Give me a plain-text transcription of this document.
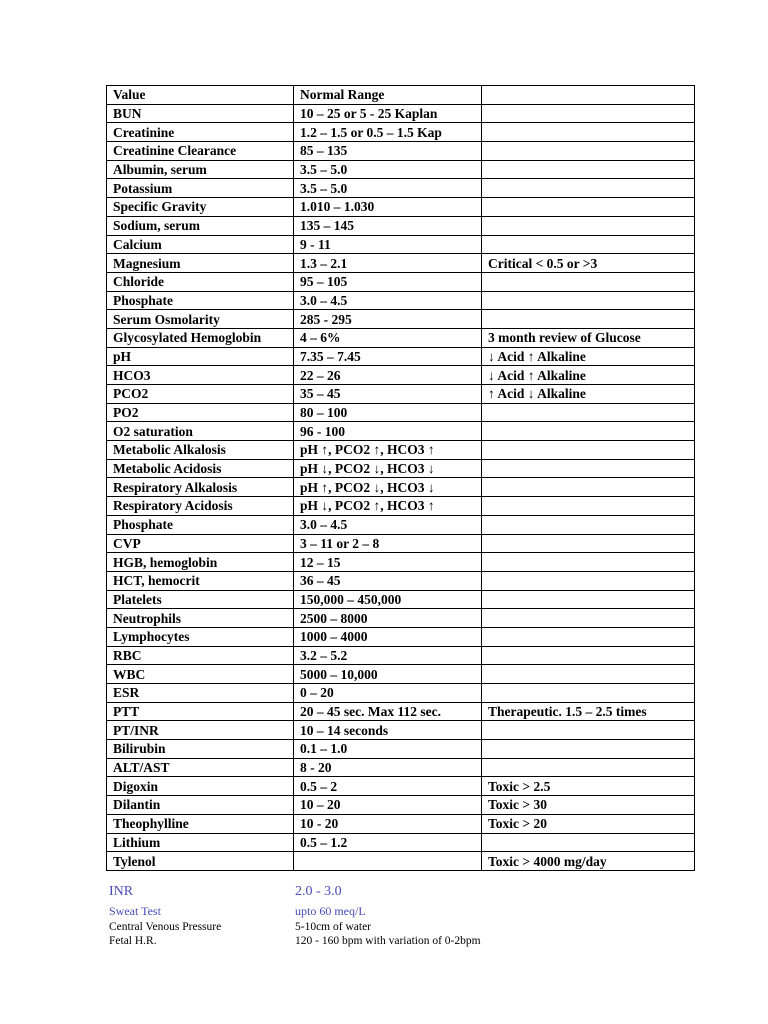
Value	Normal Range	
BUN	10 – 25 or 5 - 25 Kaplan	
Creatinine	1.2 – 1.5 or 0.5 – 1.5 Kap	
Creatinine Clearance	85 – 135	
Albumin, serum	3.5 – 5.0	
Potassium	3.5 – 5.0	
Specific Gravity	1.010 – 1.030	
Sodium, serum	135 – 145	
Calcium	9 - 11	
Magnesium	1.3 – 2.1	Critical < 0.5 or >3
Chloride	95 – 105	
Phosphate	3.0 – 4.5	
Serum Osmolarity	285 - 295	
Glycosylated Hemoglobin	4 – 6%	3 month review of Glucose
pH	7.35 – 7.45	↓ Acid ↑ Alkaline
HCO3	22 – 26	↓ Acid ↑ Alkaline
PCO2	35 – 45	↑ Acid ↓ Alkaline
PO2	80 – 100	
O2 saturation	96 - 100	
Metabolic Alkalosis	pH ↑, PCO2 ↑, HCO3 ↑	
Metabolic Acidosis	pH ↓, PCO2 ↓, HCO3 ↓	
Respiratory Alkalosis	pH ↑, PCO2 ↓, HCO3 ↓	
Respiratory Acidosis	pH ↓, PCO2 ↑, HCO3 ↑	
Phosphate	3.0 – 4.5	
CVP	3 – 11 or 2 – 8	
HGB, hemoglobin	12 – 15	
HCT, hemocrit	36 – 45	
Platelets	150,000 – 450,000	
Neutrophils	2500 – 8000	
Lymphocytes	1000 – 4000	
RBC	3.2 – 5.2	
WBC	5000 – 10,000	
ESR	0 – 20	
PTT	20 – 45 sec. Max 112 sec.	Therapeutic. 1.5 – 2.5 times
PT/INR	10 – 14 seconds	
Bilirubin	0.1 – 1.0	
ALT/AST	8 - 20	
Digoxin	0.5 – 2	Toxic > 2.5
Dilantin	10 – 20	Toxic > 30
Theophylline	10 - 20	Toxic > 20
Lithium	0.5 – 1.2	
Tylenol		Toxic > 4000 mg/day
INR	2.0 - 3.0
Sweat Test	upto 60 meq/L
Central Venous Pressure	5-10cm of water
Fetal H.R.	120 - 160 bpm with variation of 0-2bpm
